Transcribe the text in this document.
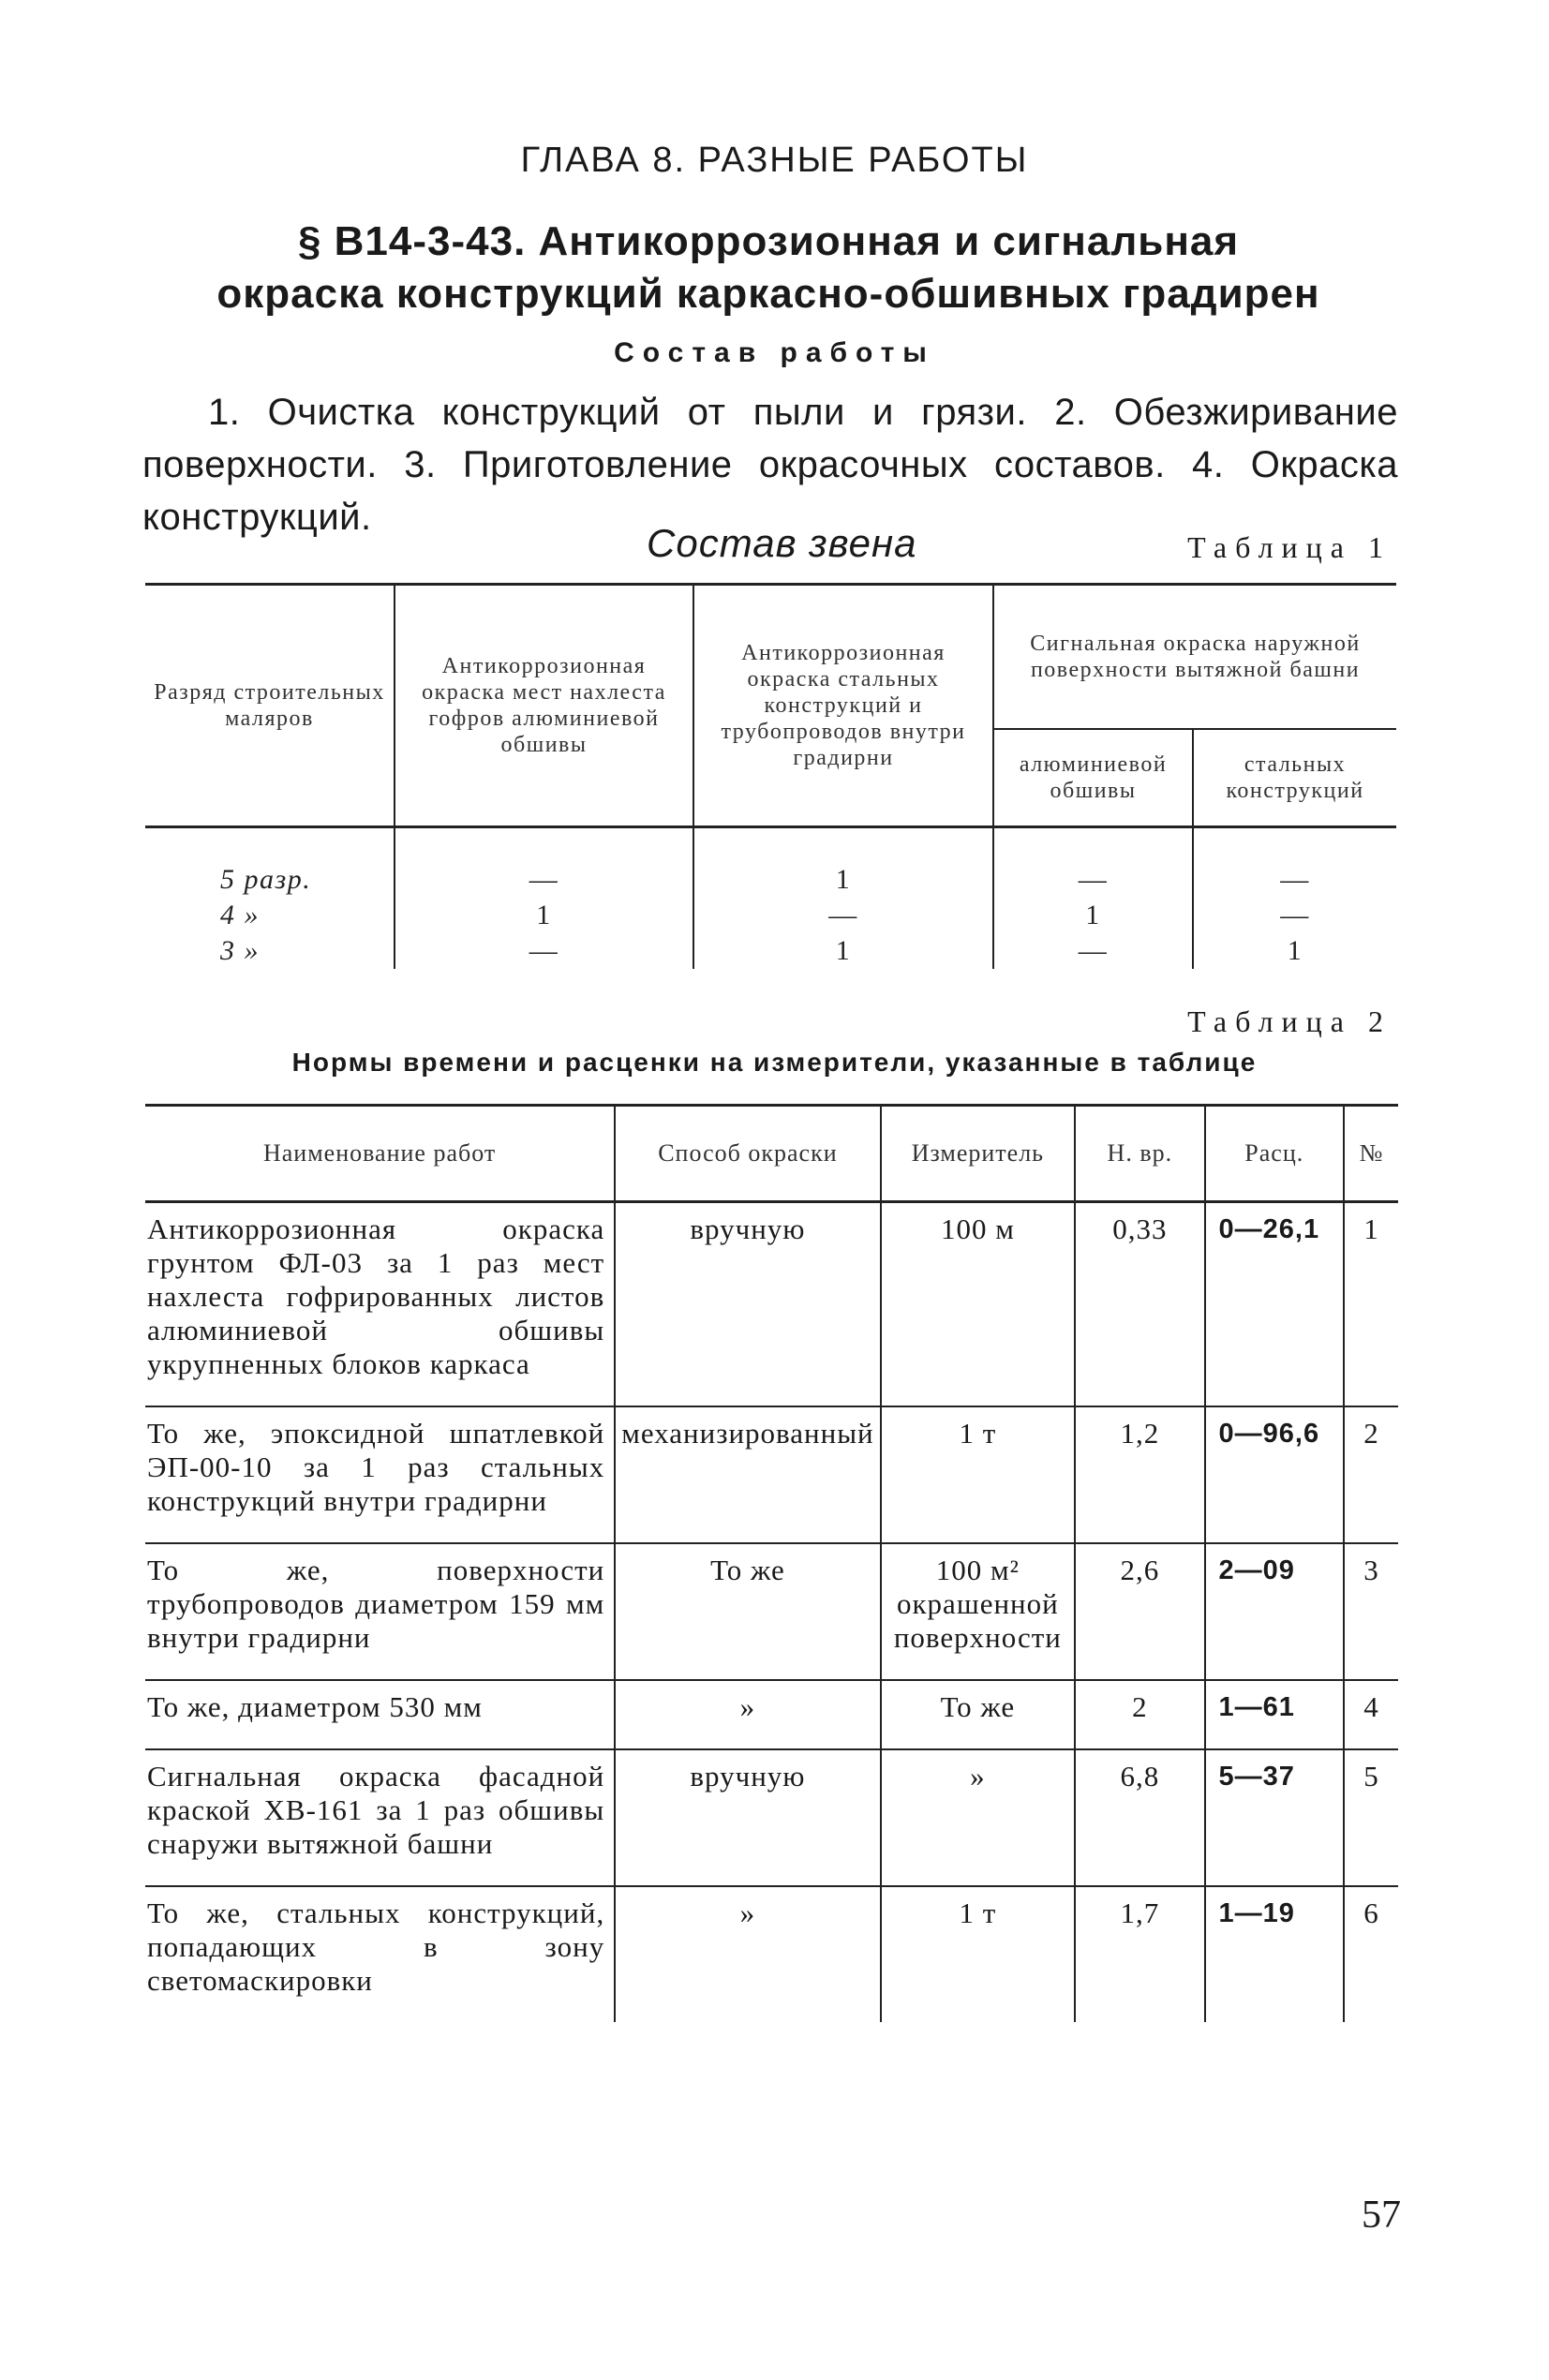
ГЛАВА 8. РАЗНЫЕ РАБОТЫ
§ В14-3-43. Антикоррозионная и сигнальная окраска конструкций каркасно-обшивных градирен
Состав работы
1. Очистка конструкций от пыли и грязи. 2. Обезжиривание поверхности. 3. Приготовление окрасочных составов. 4. Окраска конструкций.
Состав звена	Таблица 1
Разряд строительных маляров	Антикоррозионная окраска мест нахлеста гофров алюминиевой обшивы	Антикоррозионная окраска стальных конструкций и трубопроводов внутри градирни	Сигнальная окраска наружной поверхности вытяжной башни	
			алюминиевой обшивы	стальных конструкций
5 разр.	—	1	—	—
4 »	1	—	1	—
3 »	—	1	—	1
Таблица 2
Нормы времени и расценки на измерители, указанные в таблице
Наименование работ	Способ окраски	Измеритель	Н. вр.	Расц.	№
Антикоррозионная окраска грунтом ФЛ-03 за 1 раз мест нахлеста гофрированных листов алюминиевой обшивы укрупненных блоков каркаса	вручную	100 м	0,33	0—26,1	1
То же, эпоксидной шпатлевкой ЭП-00-10 за 1 раз стальных конструкций внутри градирни	механизированный	1 т	1,2	0—96,6	2
То же, поверхности трубопроводов диаметром 159 мм внутри градирни	То же	100 м² окрашенной поверхности	2,6	2—09	3
То же, диаметром 530 мм	»	То же	2	1—61	4
Сигнальная окраска фасадной краской ХВ-161 за 1 раз обшивы снаружи вытяжной башни	вручную	»	6,8	5—37	5
То же, стальных конструкций, попадающих в зону светомаскировки	»	1 т	1,7	1—19	6
57
